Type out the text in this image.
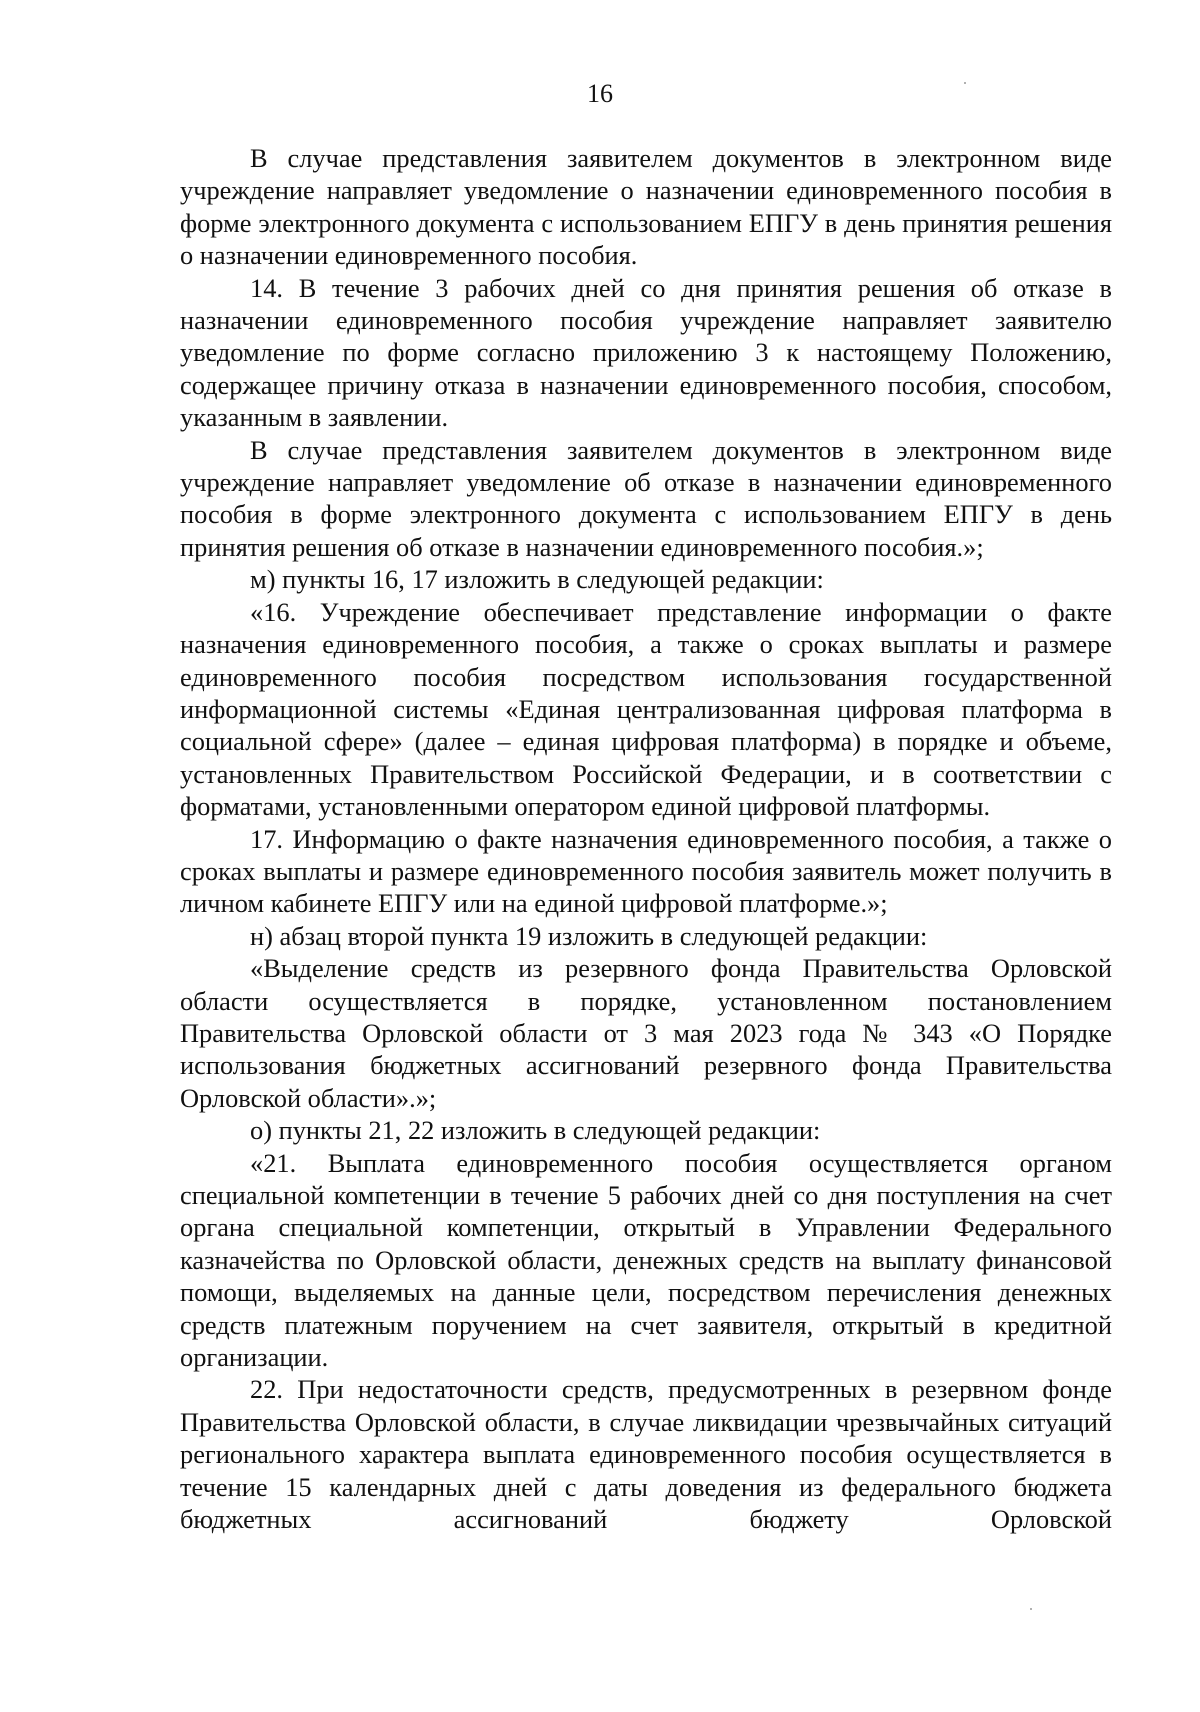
16

В случае представления заявителем документов в электронном виде учреждение направляет уведомление о назначении единовременного пособия в форме электронного документа с использованием ЕПГУ в день принятия решения о назначении единовременного пособия.

14. В течение 3 рабочих дней со дня принятия решения об отказе в назначении единовременного пособия учреждение направляет заявителю уведомление по форме согласно приложению 3 к настоящему Положению, содержащее причину отказа в назначении единовременного пособия, способом, указанным в заявлении.

В случае представления заявителем документов в электронном виде учреждение направляет уведомление об отказе в назначении единовременного пособия в форме электронного документа с использованием ЕПГУ в день принятия решения об отказе в назначении единовременного пособия.»;

м) пункты 16, 17 изложить в следующей редакции:

«16. Учреждение обеспечивает представление информации о факте назначения единовременного пособия, а также о сроках выплаты и размере единовременного пособия посредством использования государственной информационной системы «Единая централизованная цифровая платформа в социальной сфере» (далее – единая цифровая платформа) в порядке и объеме, установленных Правительством Российской Федерации, и в соответствии с форматами, установленными оператором единой цифровой платформы.

17. Информацию о факте назначения единовременного пособия, а также о сроках выплаты и размере единовременного пособия заявитель может получить в личном кабинете ЕПГУ или на единой цифровой платформе.»;

н) абзац второй пункта 19 изложить в следующей редакции:

«Выделение средств из резервного фонда Правительства Орловской области осуществляется в порядке, установленном постановлением Правительства Орловской области от 3 мая 2023 года № 343 «О Порядке использования бюджетных ассигнований резервного фонда Правительства Орловской области».»;

о) пункты 21, 22 изложить в следующей редакции:

«21. Выплата единовременного пособия осуществляется органом специальной компетенции в течение 5 рабочих дней со дня поступления на счет органа специальной компетенции, открытый в Управлении Федерального казначейства по Орловской области, денежных средств на выплату финансовой помощи, выделяемых на данные цели, посредством перечисления денежных средств платежным поручением на счет заявителя, открытый в кредитной организации.

22. При недостаточности средств, предусмотренных в резервном фонде Правительства Орловской области, в случае ликвидации чрезвычайных ситуаций регионального характера выплата единовременного пособия осуществляется в течение 15 календарных дней с даты доведения из федерального бюджета бюджетных ассигнований бюджету Орловской
